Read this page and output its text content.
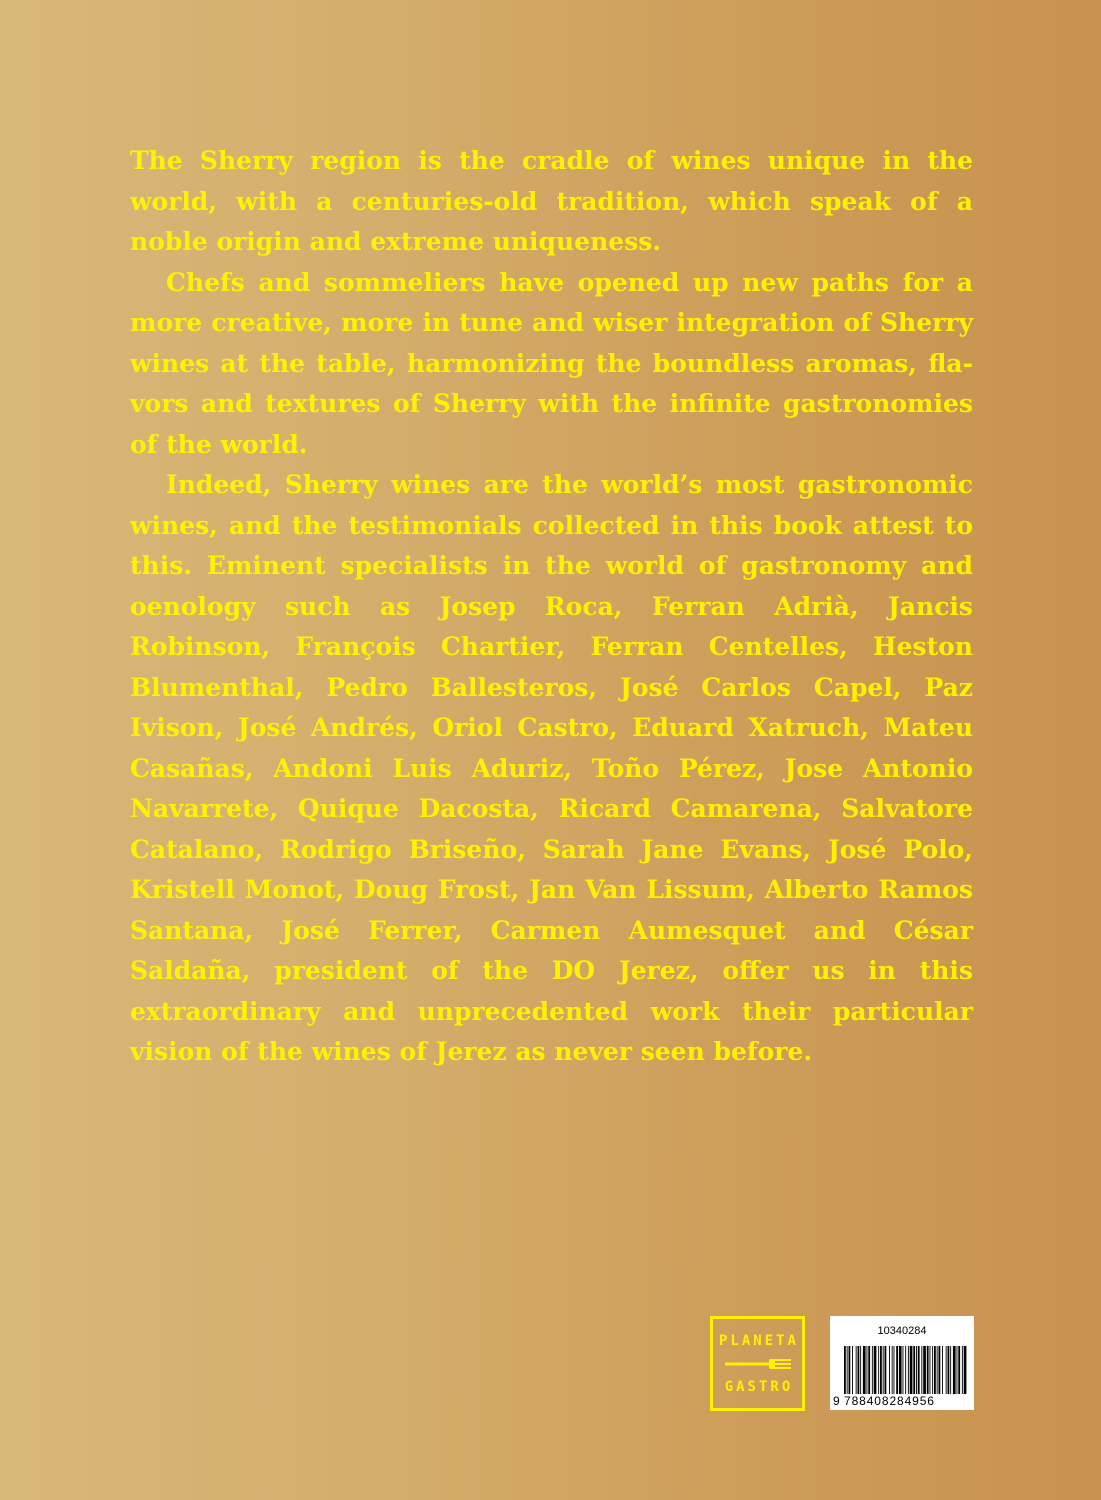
The Sherry region is the cradle of wines unique in the world, with a centuries-old tradition, which speak of a noble origin and extreme uniqueness.

Chefs and sommeliers have opened up new paths for a more creative, more in tune and wiser integration of Sherry wines at the table, harmonizing the boundless aromas, flavors and textures of Sherry with the infinite gastronomies of the world.

Indeed, Sherry wines are the world’s most gastronomic wines, and the testimonials collected in this book attest to this. Eminent specialists in the world of gastronomy and oenology such as Josep Roca, Ferran Adrià, Jancis Robinson, François Chartier, Ferran Centelles, Heston Blumenthal, Pedro Ballesteros, José Carlos Capel, Paz Ivison, José Andrés, Oriol Castro, Eduard Xatruch, Mateu Casañas, Andoni Luis Aduriz, Toño Pérez, Jose Antonio Navarrete, Quique Dacosta, Ricard Camarena, Salvatore Catalano, Rodrigo Briseño, Sarah Jane Evans, José Polo, Kristell Monot, Doug Frost, Jan Van Lissum, Alberto Ramos Santana, José Ferrer, Carmen Aumesquet and César Saldaña, president of the DO Jerez, offer us in this extraordinary and unprecedented work their particular vision of the wines of Jerez as never seen before.

PLANETA
GASTRO
10340284
9 788408284956
